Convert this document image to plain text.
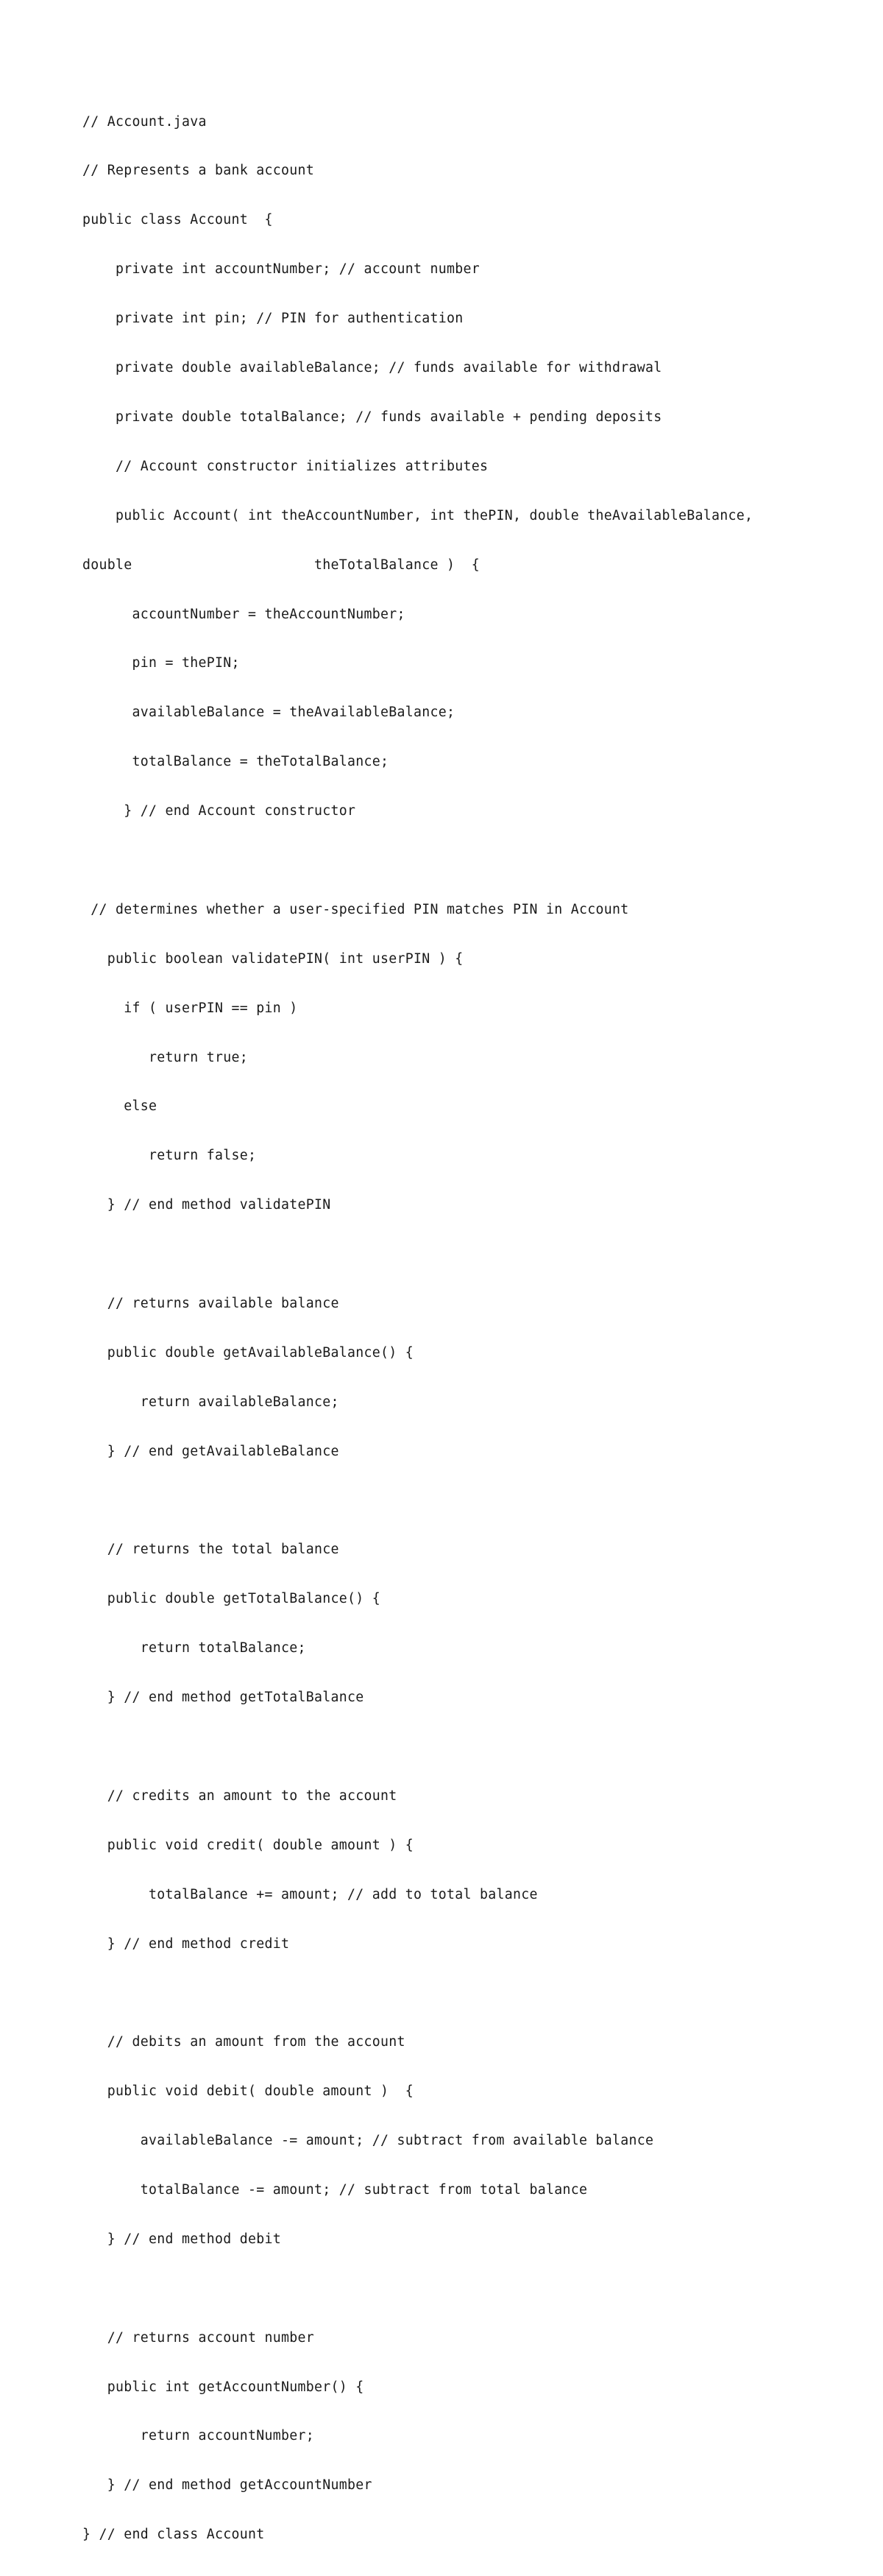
// Account.java

// Represents a bank account

public class Account  {

private int accountNumber; // account number

private int pin; // PIN for authentication

private double availableBalance; // funds available for withdrawal

private double totalBalance; // funds available + pending deposits

// Account constructor initializes attributes

public Account( int theAccountNumber, int thePIN, double theAvailableBalance,

double                      theTotalBalance )  {

accountNumber = theAccountNumber;

pin = thePIN;

availableBalance = theAvailableBalance;

totalBalance = theTotalBalance;

} // end Account constructor

// determines whether a user-specified PIN matches PIN in Account

public boolean validatePIN( int userPIN ) {

if ( userPIN == pin )

return true;

else

return false;

} // end method validatePIN

// returns available balance

public double getAvailableBalance() {

return availableBalance;

} // end getAvailableBalance

// returns the total balance

public double getTotalBalance() {

return totalBalance;

} // end method getTotalBalance

// credits an amount to the account

public void credit( double amount ) {

totalBalance += amount; // add to total balance

} // end method credit

// debits an amount from the account

public void debit( double amount )  {

availableBalance -= amount; // subtract from available balance

totalBalance -= amount; // subtract from total balance

} // end method debit

// returns account number

public int getAccountNumber() {

return accountNumber;

} // end method getAccountNumber

} // end class Account
